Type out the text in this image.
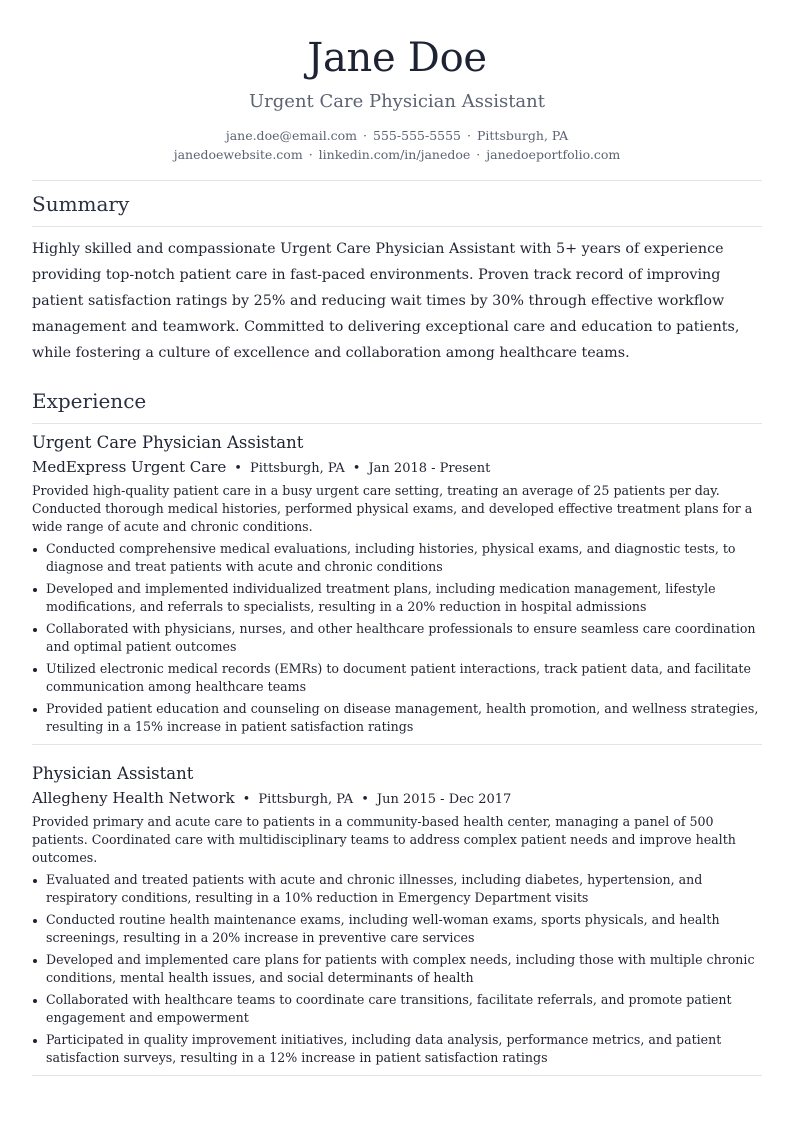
Jane Doe
Urgent Care Physician Assistant
jane.doe@email.com · 555-555-5555 · Pittsburgh, PA
janedoewebsite.com · linkedin.com/in/janedoe · janedoeportfolio.com
Summary

Highly skilled and compassionate Urgent Care Physician Assistant with 5+ years of experience providing top-notch patient care in fast-paced environments. Proven track record of improving patient satisfaction ratings by 25% and reducing wait times by 30% through effective workflow management and teamwork. Committed to delivering exceptional care and education to patients, while fostering a culture of excellence and collaboration among healthcare teams.

Experience
Urgent Care Physician Assistant
MedExpress Urgent Care • Pittsburgh, PA • Jan 2018 - Present
Provided high-quality patient care in a busy urgent care setting, treating an average of 25 patients per day. Conducted thorough medical histories, performed physical exams, and developed effective treatment plans for a wide range of acute and chronic conditions.
Conducted comprehensive medical evaluations, including histories, physical exams, and diagnostic tests, to diagnose and treat patients with acute and chronic conditions
Developed and implemented individualized treatment plans, including medication management, lifestyle modifications, and referrals to specialists, resulting in a 20% reduction in hospital admissions
Collaborated with physicians, nurses, and other healthcare professionals to ensure seamless care coordination and optimal patient outcomes
Utilized electronic medical records (EMRs) to document patient interactions, track patient data, and facilitate communication among healthcare teams
Provided patient education and counseling on disease management, health promotion, and wellness strategies, resulting in a 15% increase in patient satisfaction ratings
Physician Assistant
Allegheny Health Network • Pittsburgh, PA • Jun 2015 - Dec 2017
Provided primary and acute care to patients in a community-based health center, managing a panel of 500 patients. Coordinated care with multidisciplinary teams to address complex patient needs and improve health outcomes.
Evaluated and treated patients with acute and chronic illnesses, including diabetes, hypertension, and respiratory conditions, resulting in a 10% reduction in Emergency Department visits
Conducted routine health maintenance exams, including well-woman exams, sports physicals, and health screenings, resulting in a 20% increase in preventive care services
Developed and implemented care plans for patients with complex needs, including those with multiple chronic conditions, mental health issues, and social determinants of health
Collaborated with healthcare teams to coordinate care transitions, facilitate referrals, and promote patient engagement and empowerment
Participated in quality improvement initiatives, including data analysis, performance metrics, and patient satisfaction surveys, resulting in a 12% increase in patient satisfaction ratings
